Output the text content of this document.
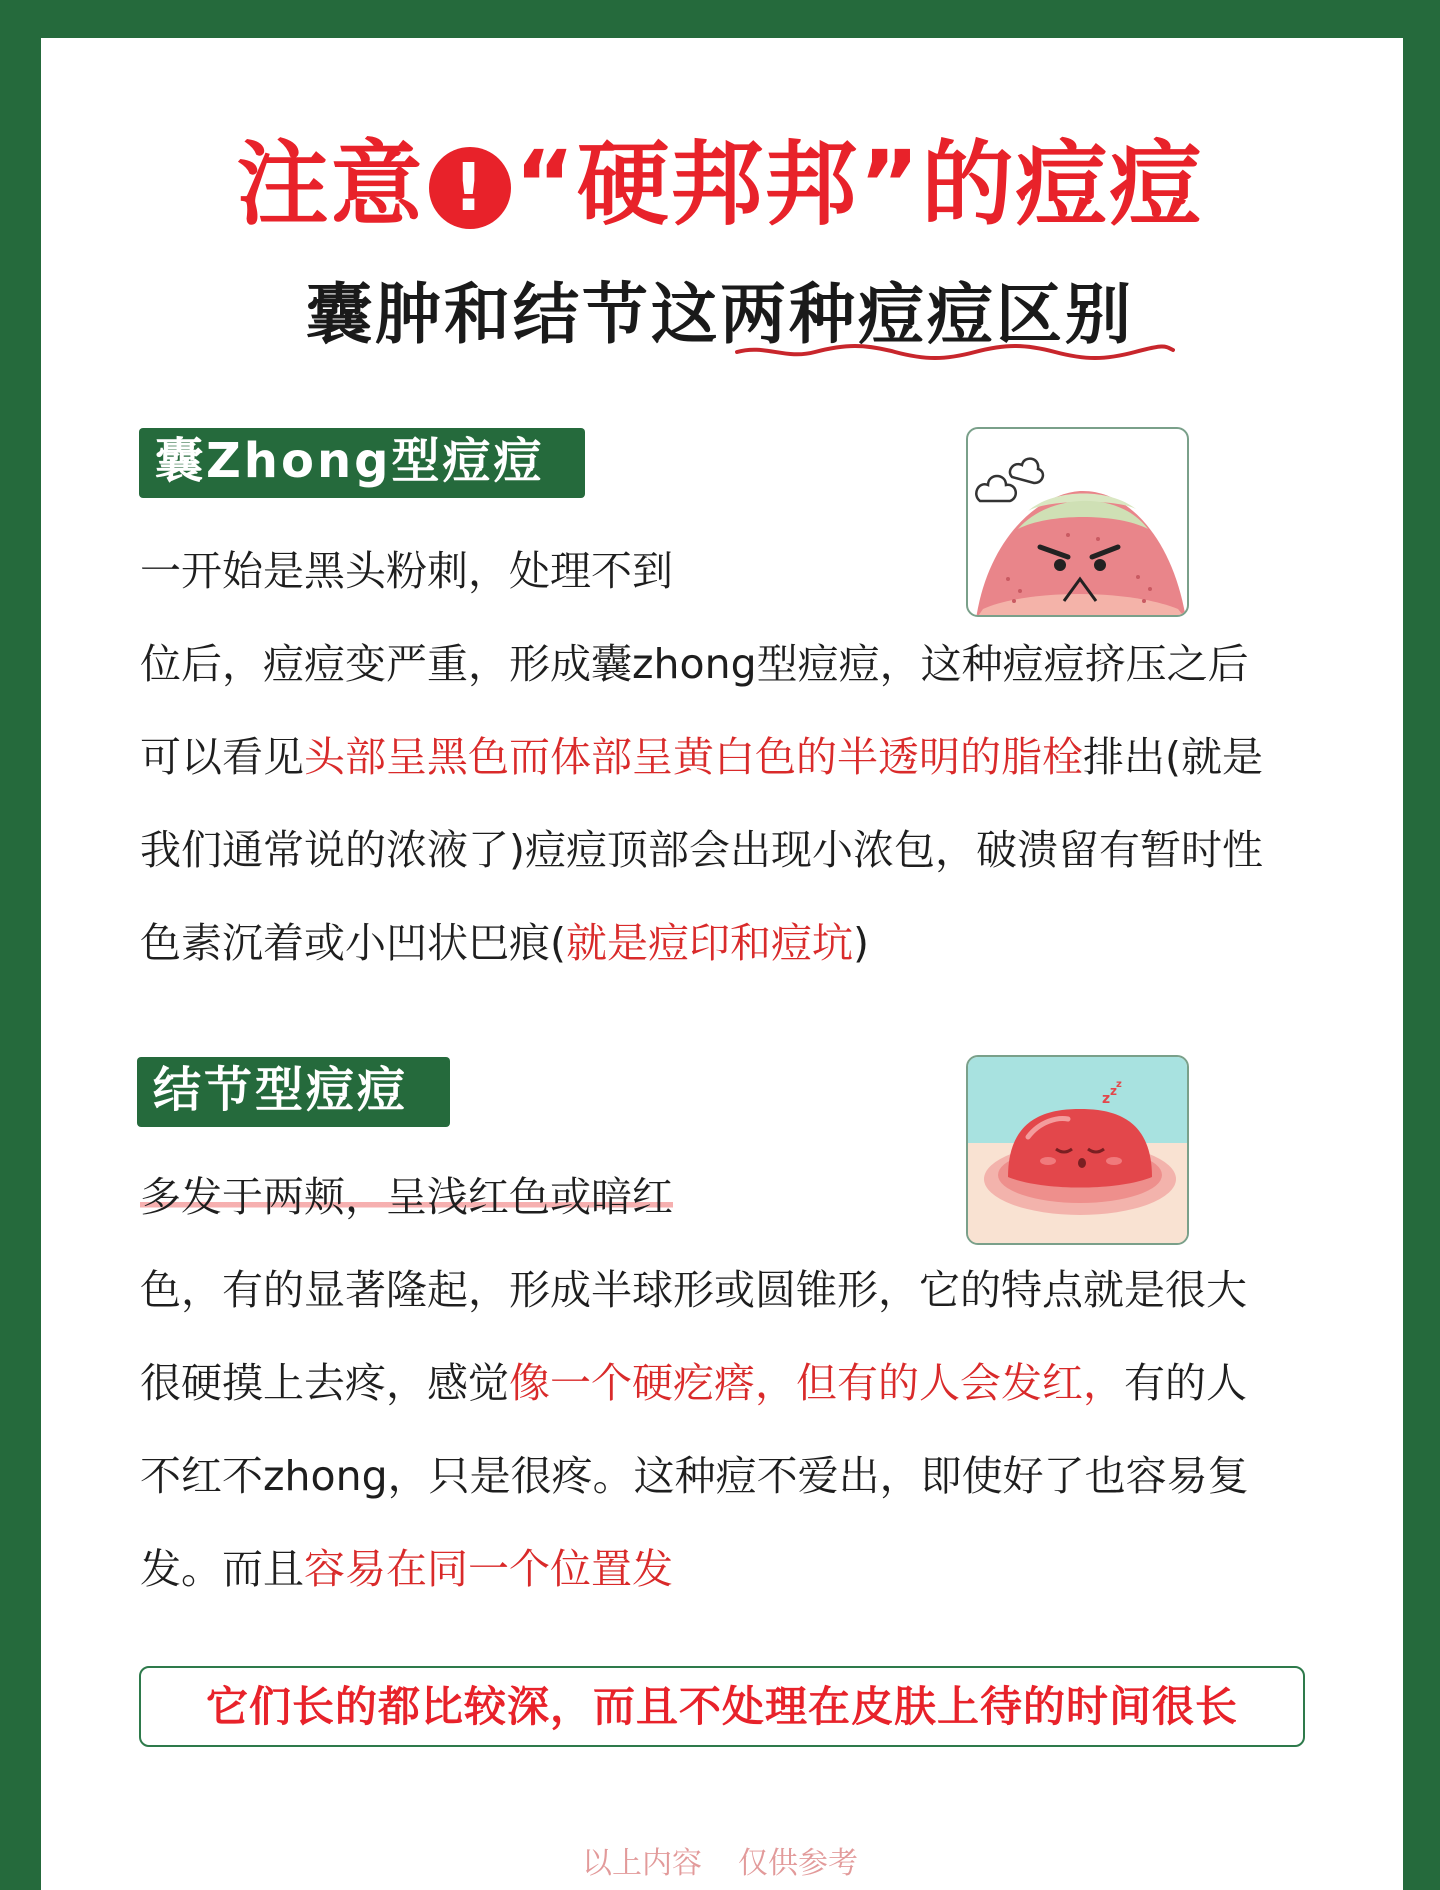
注意 ! “硬邦邦”的痘痘
囊肿和结节这两种痘痘区别
囊Zhong型痘痘
一开始是黑头粉刺，处理不到
位后，痘痘变严重，形成囊zhong型痘痘，这种痘痘挤压之后
可以看见头部呈黑色而体部呈黄白色的半透明的脂栓排出(就是
我们通常说的浓液了)痘痘顶部会出现小浓包，破溃留有暂时性
色素沉着或小凹状巴痕(就是痘印和痘坑)
结节型痘痘	z z z
多发于两颊，呈浅红色或暗红
色，有的显著隆起，形成半球形或圆锥形，它的特点就是很大
很硬摸上去疼，感觉像一个硬疙瘩，但有的人会发红，有的人
不红不zhong，只是很疼。这种痘不爱出，即使好了也容易复
发。而且容易在同一个位置发
它们长的都比较深，而且不处理在皮肤上待的时间很长
以上内容 仅供参考
